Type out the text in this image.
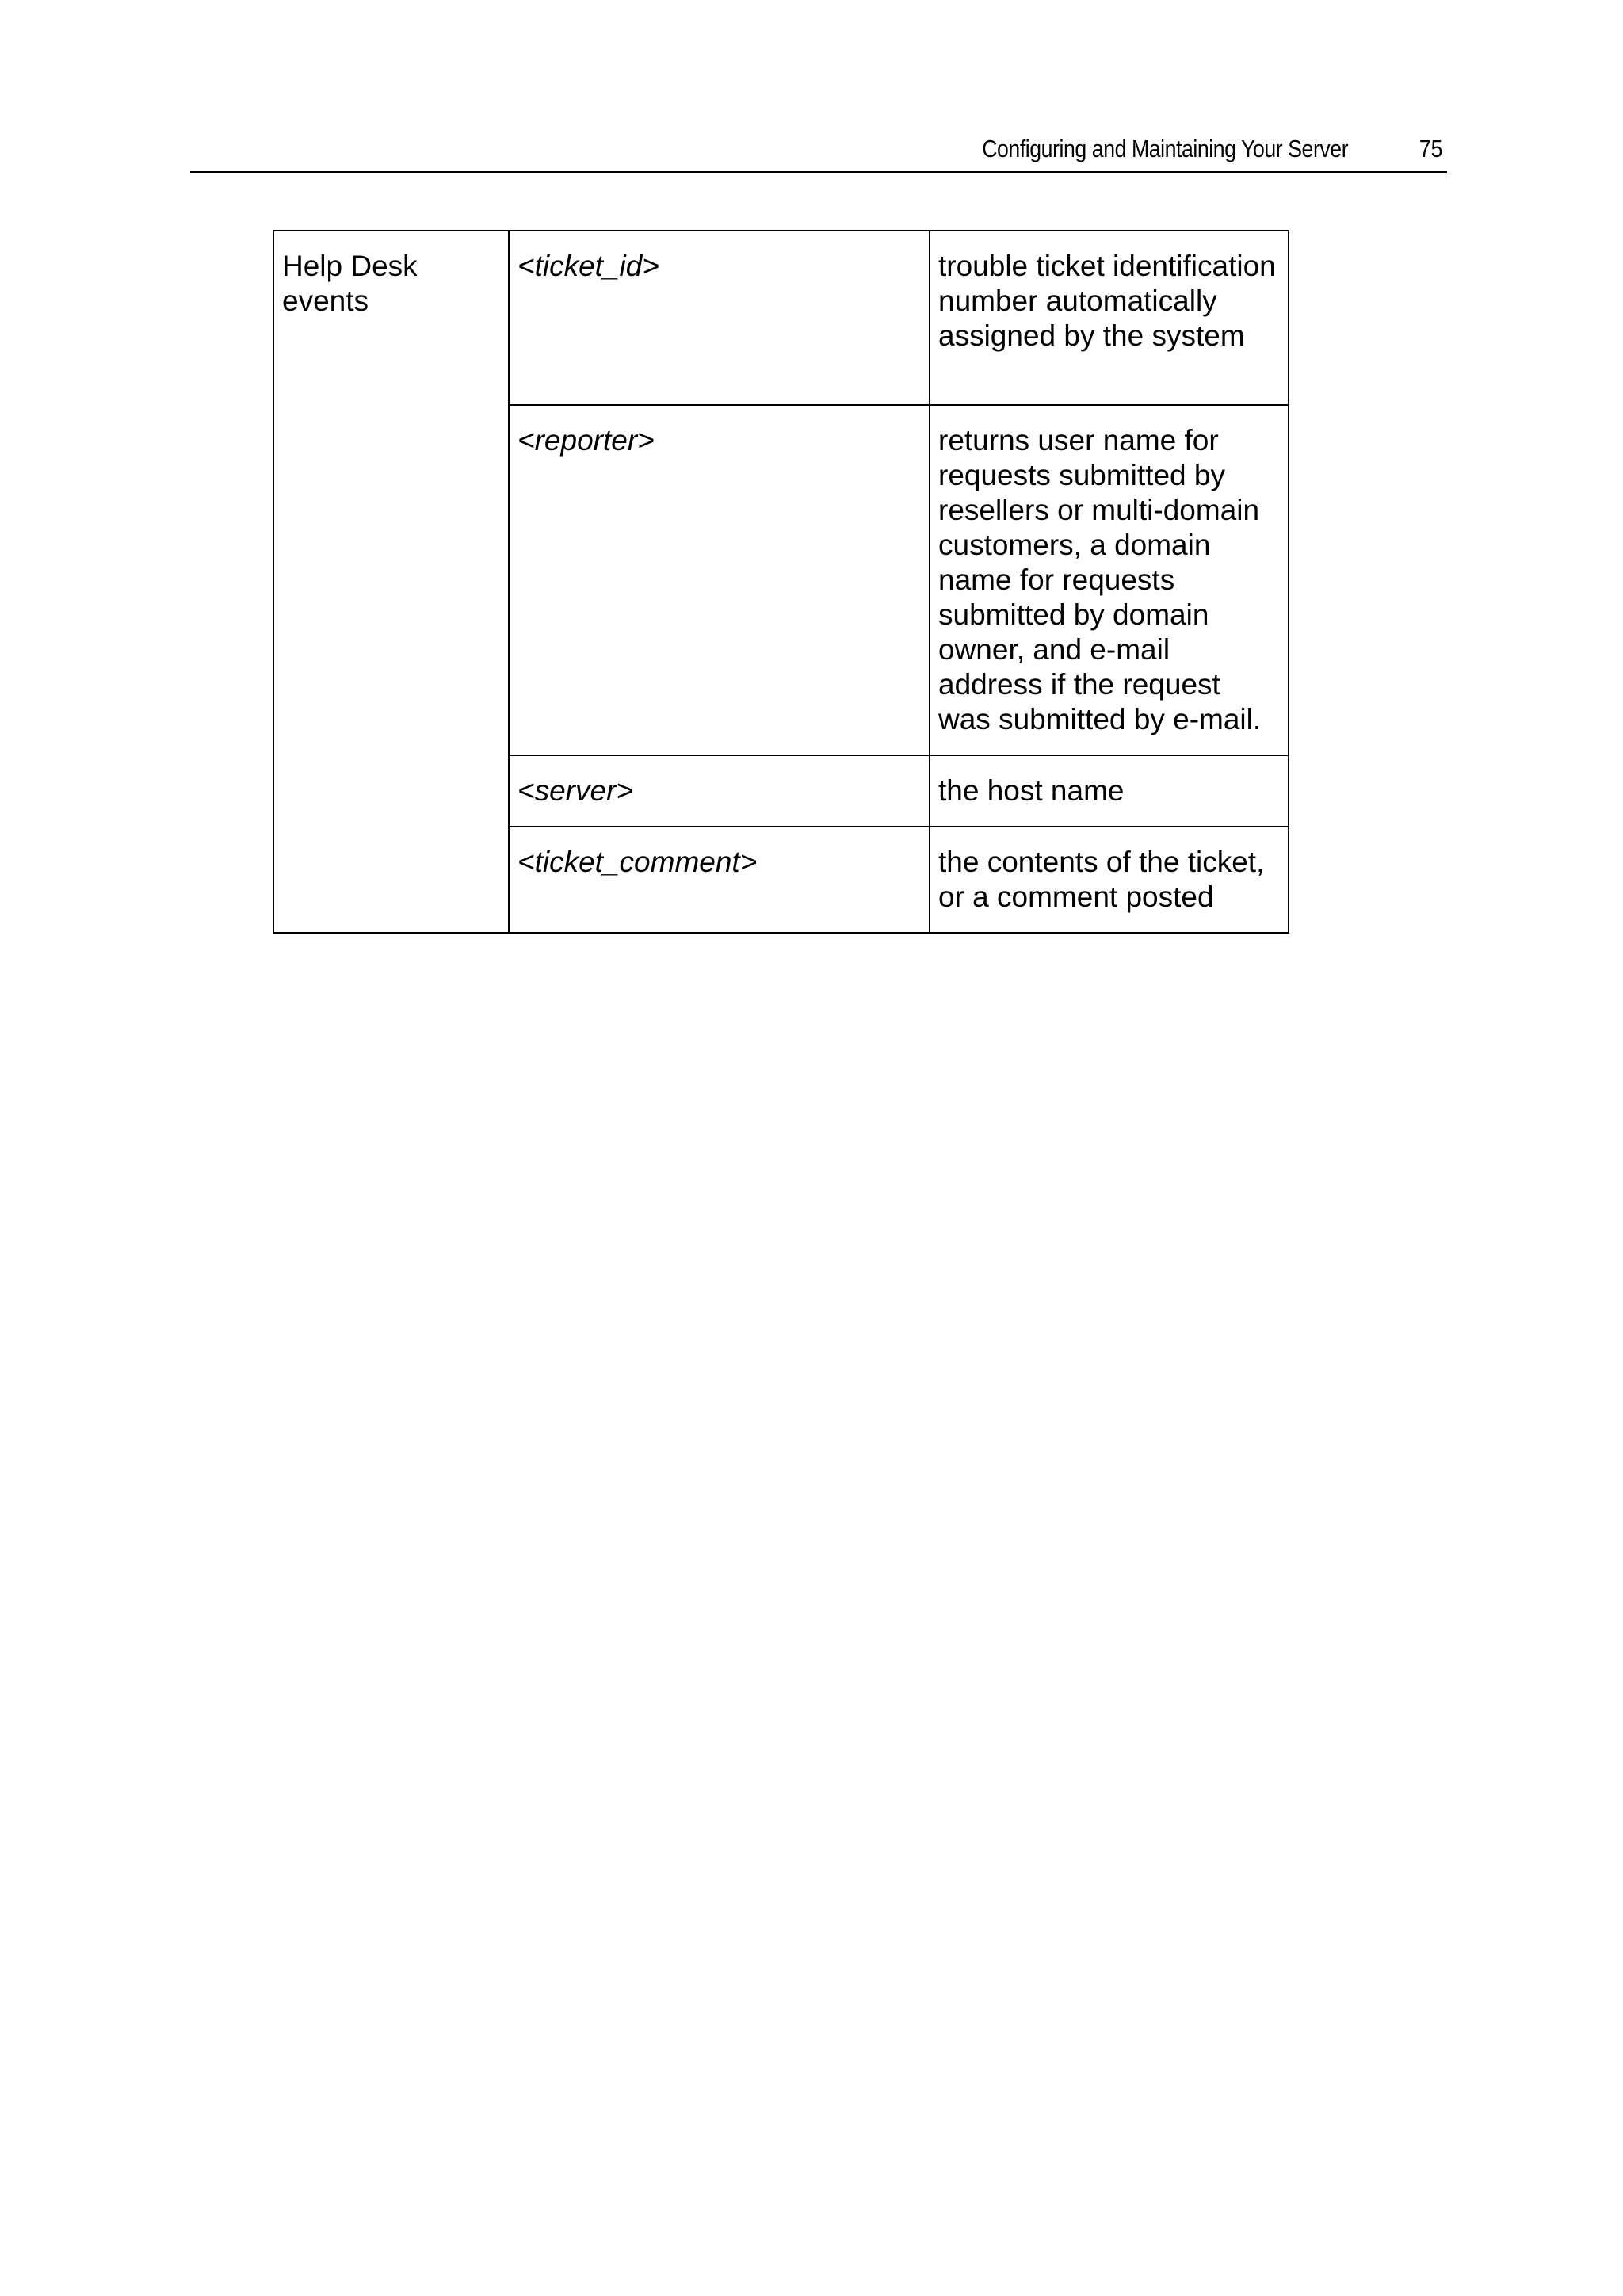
Configuring and Maintaining Your Server	75
Help Desk events	<ticket_id>	trouble ticket identification number automatically assigned by the system
	<reporter>	returns user name for requests submitted by resellers or multi-domain customers, a domain name for requests submitted by domain owner, and e-mail address if the request was submitted by e-mail.
	<server>	the host name
	<ticket_comment>	the contents of the ticket, or a comment posted
